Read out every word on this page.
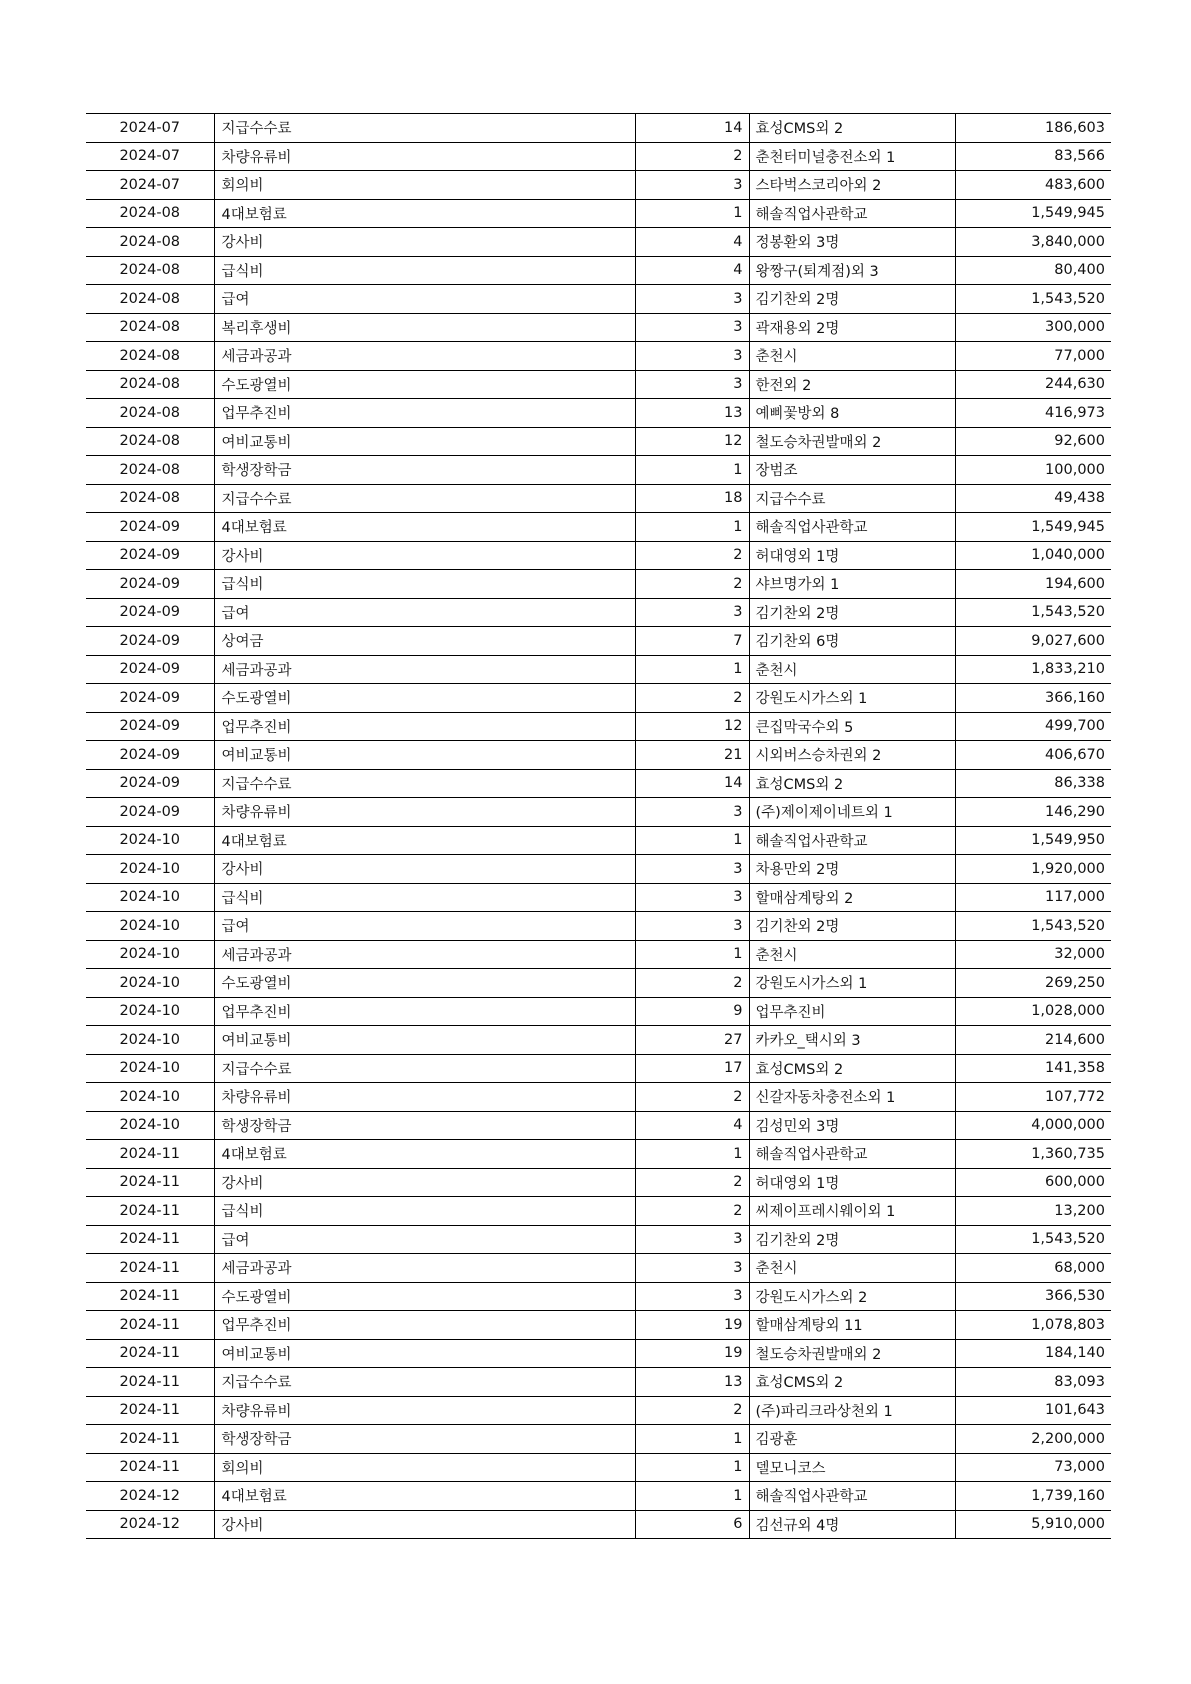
2024-07	지급수수료	14	효성CMS외 2	186,603
2024-07	차량유류비	2	춘천터미널충전소외 1	83,566
2024-07	회의비	3	스타벅스코리아외 2	483,600
2024-08	4대보험료	1	해솔직업사관학교	1,549,945
2024-08	강사비	4	정봉환외 3명	3,840,000
2024-08	급식비	4	왕짱구(퇴계점)외 3	80,400
2024-08	급여	3	김기찬외 2명	1,543,520
2024-08	복리후생비	3	곽재용외 2명	300,000
2024-08	세금과공과	3	춘천시	77,000
2024-08	수도광열비	3	한전외 2	244,630
2024-08	업무추진비	13	예삐꽃방외 8	416,973
2024-08	여비교통비	12	철도승차권발매외 2	92,600
2024-08	학생장학금	1	장범조	100,000
2024-08	지급수수료	18	지급수수료	49,438
2024-09	4대보험료	1	해솔직업사관학교	1,549,945
2024-09	강사비	2	허대영외 1명	1,040,000
2024-09	급식비	2	샤브명가외 1	194,600
2024-09	급여	3	김기찬외 2명	1,543,520
2024-09	상여금	7	김기찬외 6명	9,027,600
2024-09	세금과공과	1	춘천시	1,833,210
2024-09	수도광열비	2	강원도시가스외 1	366,160
2024-09	업무추진비	12	큰집막국수외 5	499,700
2024-09	여비교통비	21	시외버스승차권외 2	406,670
2024-09	지급수수료	14	효성CMS외 2	86,338
2024-09	차량유류비	3	(주)제이제이네트외 1	146,290
2024-10	4대보험료	1	해솔직업사관학교	1,549,950
2024-10	강사비	3	차용만외 2명	1,920,000
2024-10	급식비	3	할매삼계탕외 2	117,000
2024-10	급여	3	김기찬외 2명	1,543,520
2024-10	세금과공과	1	춘천시	32,000
2024-10	수도광열비	2	강원도시가스외 1	269,250
2024-10	업무추진비	9	업무추진비	1,028,000
2024-10	여비교통비	27	카카오_택시외 3	214,600
2024-10	지급수수료	17	효성CMS외 2	141,358
2024-10	차량유류비	2	신갈자동차충전소외 1	107,772
2024-10	학생장학금	4	김성민외 3명	4,000,000
2024-11	4대보험료	1	해솔직업사관학교	1,360,735
2024-11	강사비	2	허대영외 1명	600,000
2024-11	급식비	2	씨제이프레시웨이외 1	13,200
2024-11	급여	3	김기찬외 2명	1,543,520
2024-11	세금과공과	3	춘천시	68,000
2024-11	수도광열비	3	강원도시가스외 2	366,530
2024-11	업무추진비	19	할매삼계탕외 11	1,078,803
2024-11	여비교통비	19	철도승차권발매외 2	184,140
2024-11	지급수수료	13	효성CMS외 2	83,093
2024-11	차량유류비	2	(주)파리크라상천외 1	101,643
2024-11	학생장학금	1	김광훈	2,200,000
2024-11	회의비	1	델모니코스	73,000
2024-12	4대보험료	1	해솔직업사관학교	1,739,160
2024-12	강사비	6	김선규외 4명	5,910,000
